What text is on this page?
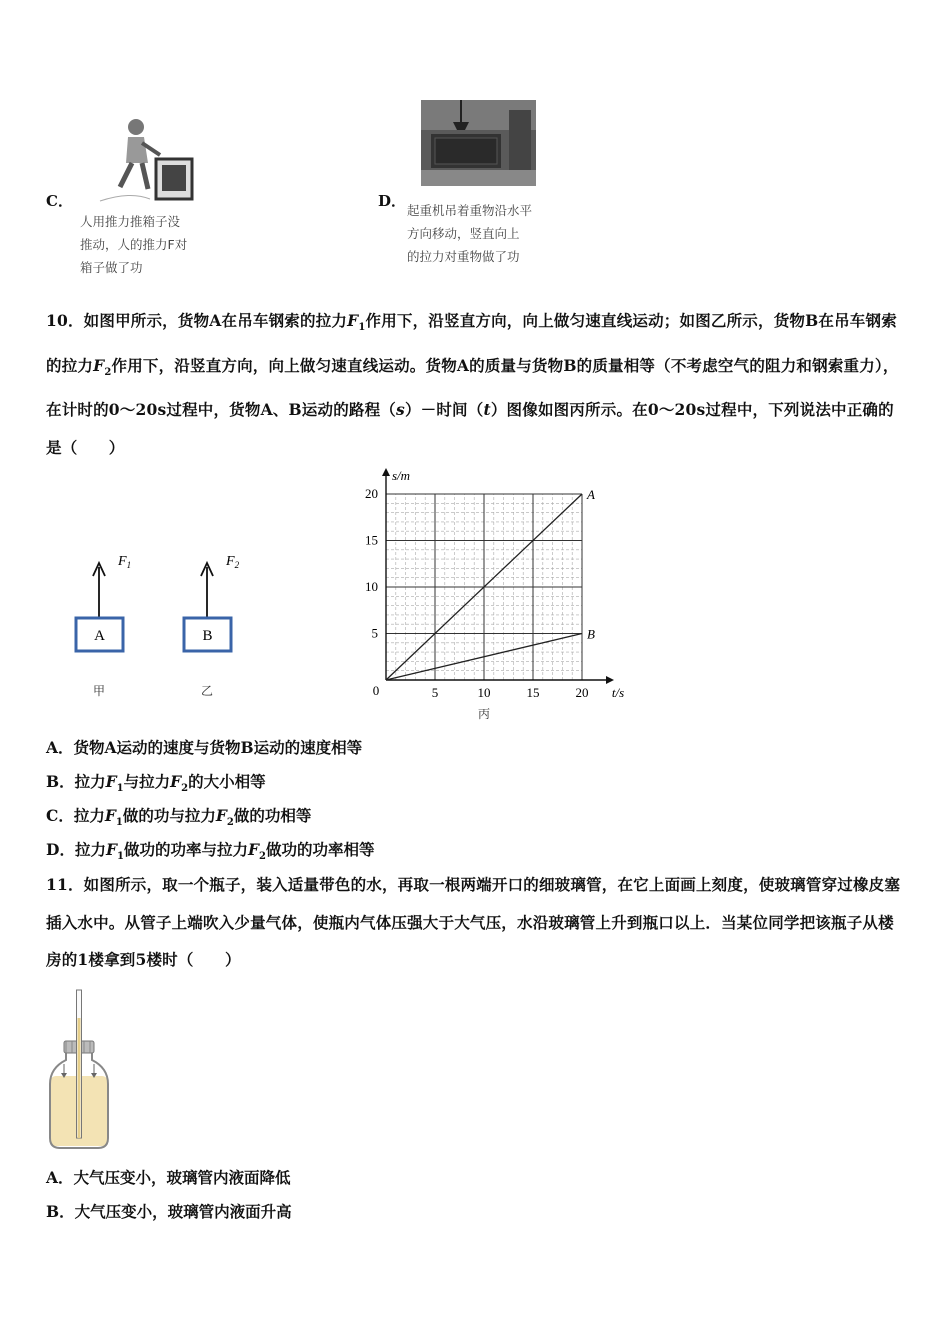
C．
人用推力推箱子没
推动，人的推力F对
箱子做了功
D．
起重机吊着重物沿水平
方向移动，竖直向上
的拉力对重物做了功
10．如图甲所示，货物A在吊车钢索的拉力$F_1$作用下，沿竖直方向，向上做匀速直线运动；如图乙所示，货物B在吊车钢索的拉力$F_2$作用下，沿竖直方向，向上做匀速直线运动。货物A的质量与货物B的质量相等（不考虑空气的阻力和钢索重力），在计时的0～20s过程中，货物A、B运动的路程（s）－时间（t）图像如图丙所示。在0～20s过程中，下列说法中正确的是（　　）
$F_1$
A
甲
$F_2$
B
乙
A
B
5	10	15	20
5
10
15
20
0	t/s
s/m
丙
A．货物A运动的速度与货物B运动的速度相等
B．拉力$F_1$与拉力$F_2$的大小相等
C．拉力$F_1$做的功与拉力$F_2$做的功相等
D．拉力$F_1$做功的功率与拉力$F_2$做功的功率相等
11．如图所示，取一个瓶子，装入适量带色的水，再取一根两端开口的细玻璃管，在它上面画上刻度，使玻璃管穿过橡皮塞插入水中。从管子上端吹入少量气体，使瓶内气体压强大于大气压，水沿玻璃管上升到瓶口以上．当某位同学把该瓶子从楼房的1楼拿到5楼时（　　）
A．大气压变小，玻璃管内液面降低
B．大气压变小，玻璃管内液面升高
